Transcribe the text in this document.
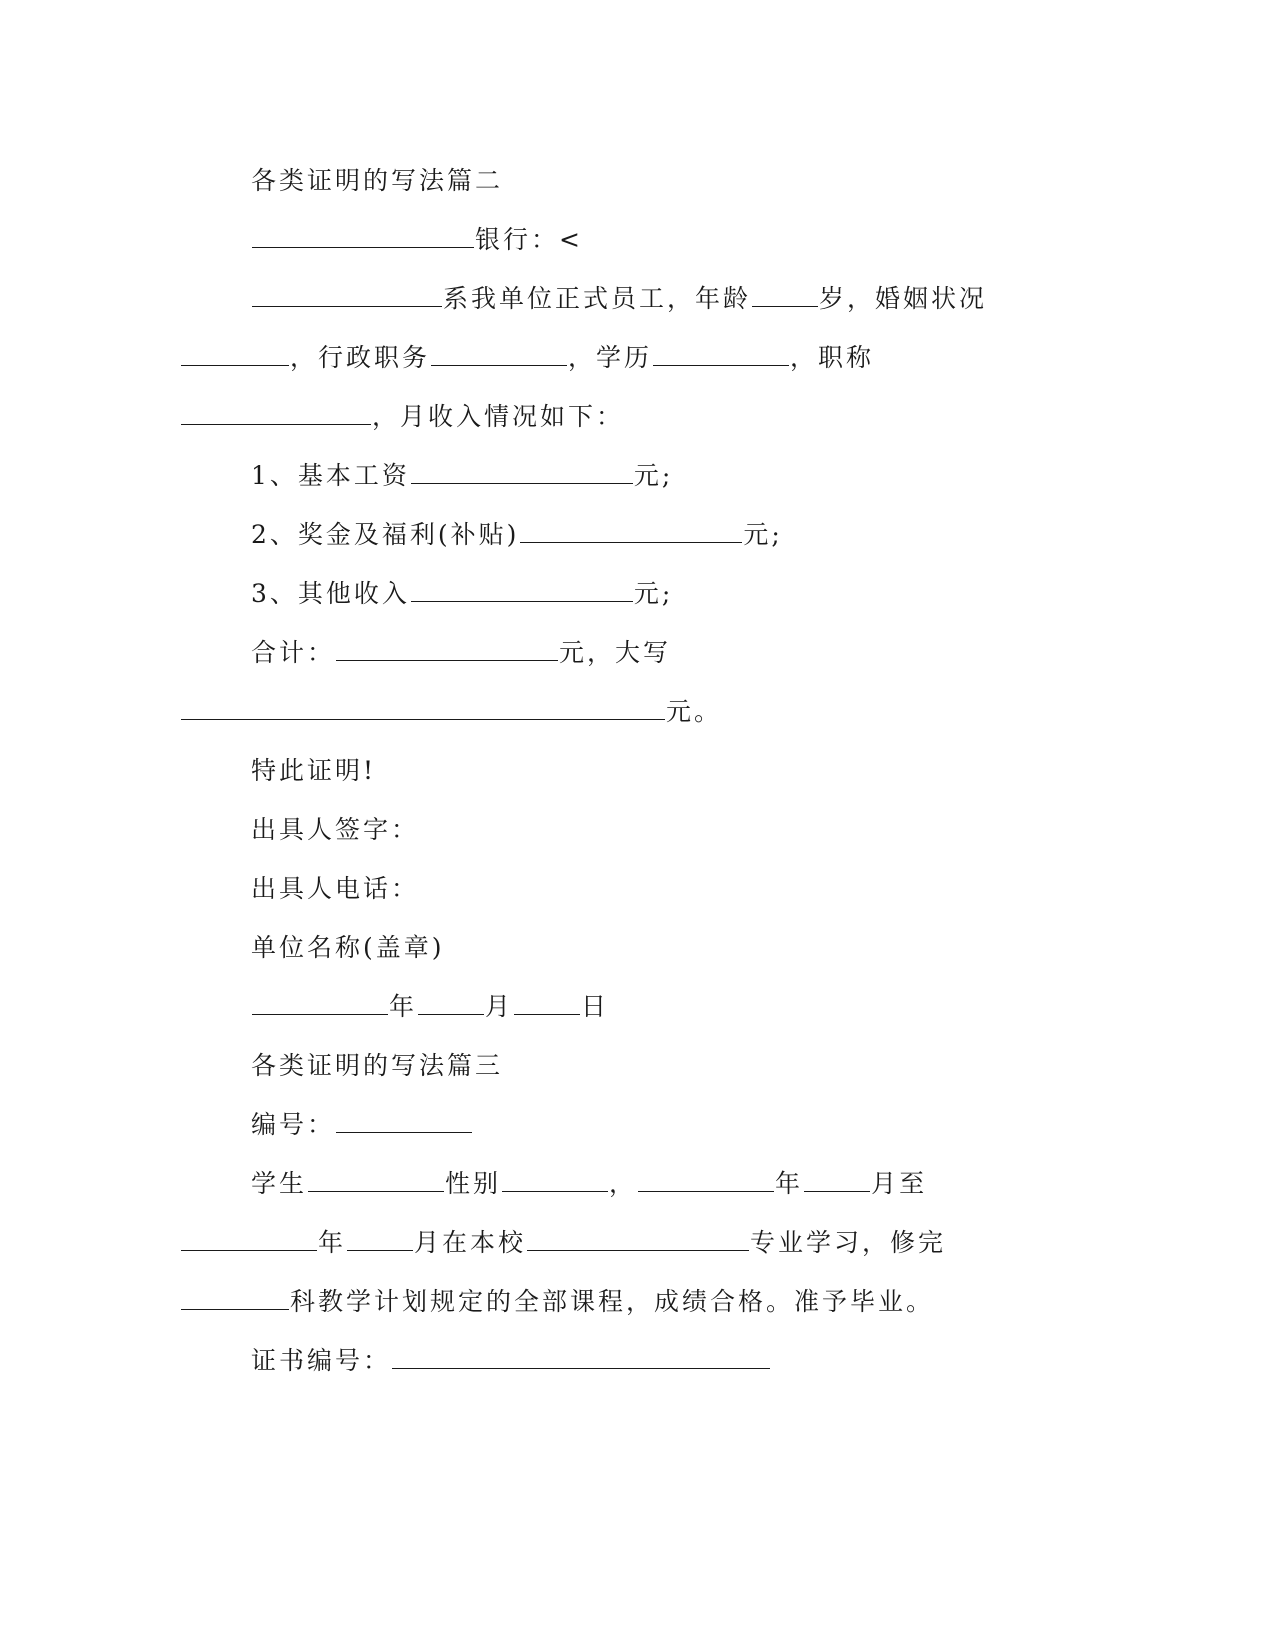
各类证明的写法篇二
银行：<
系我单位正式员工，年龄	岁，婚姻状况
，行政职务	，学历	，职称
，月收入情况如下：
1、基本工资	元;
2、奖金及福利(补贴)	元;
3、其他收入	元;
合计：	元，大写
元。
特此证明!
出具人签字：
出具人电话：
单位名称(盖章)
年	月	日
各类证明的写法篇三
编号：
学生	性别	，	年	月至
年	月在本校	专业学习，修完
科教学计划规定的全部课程，成绩合格。准予毕业。
证书编号：
